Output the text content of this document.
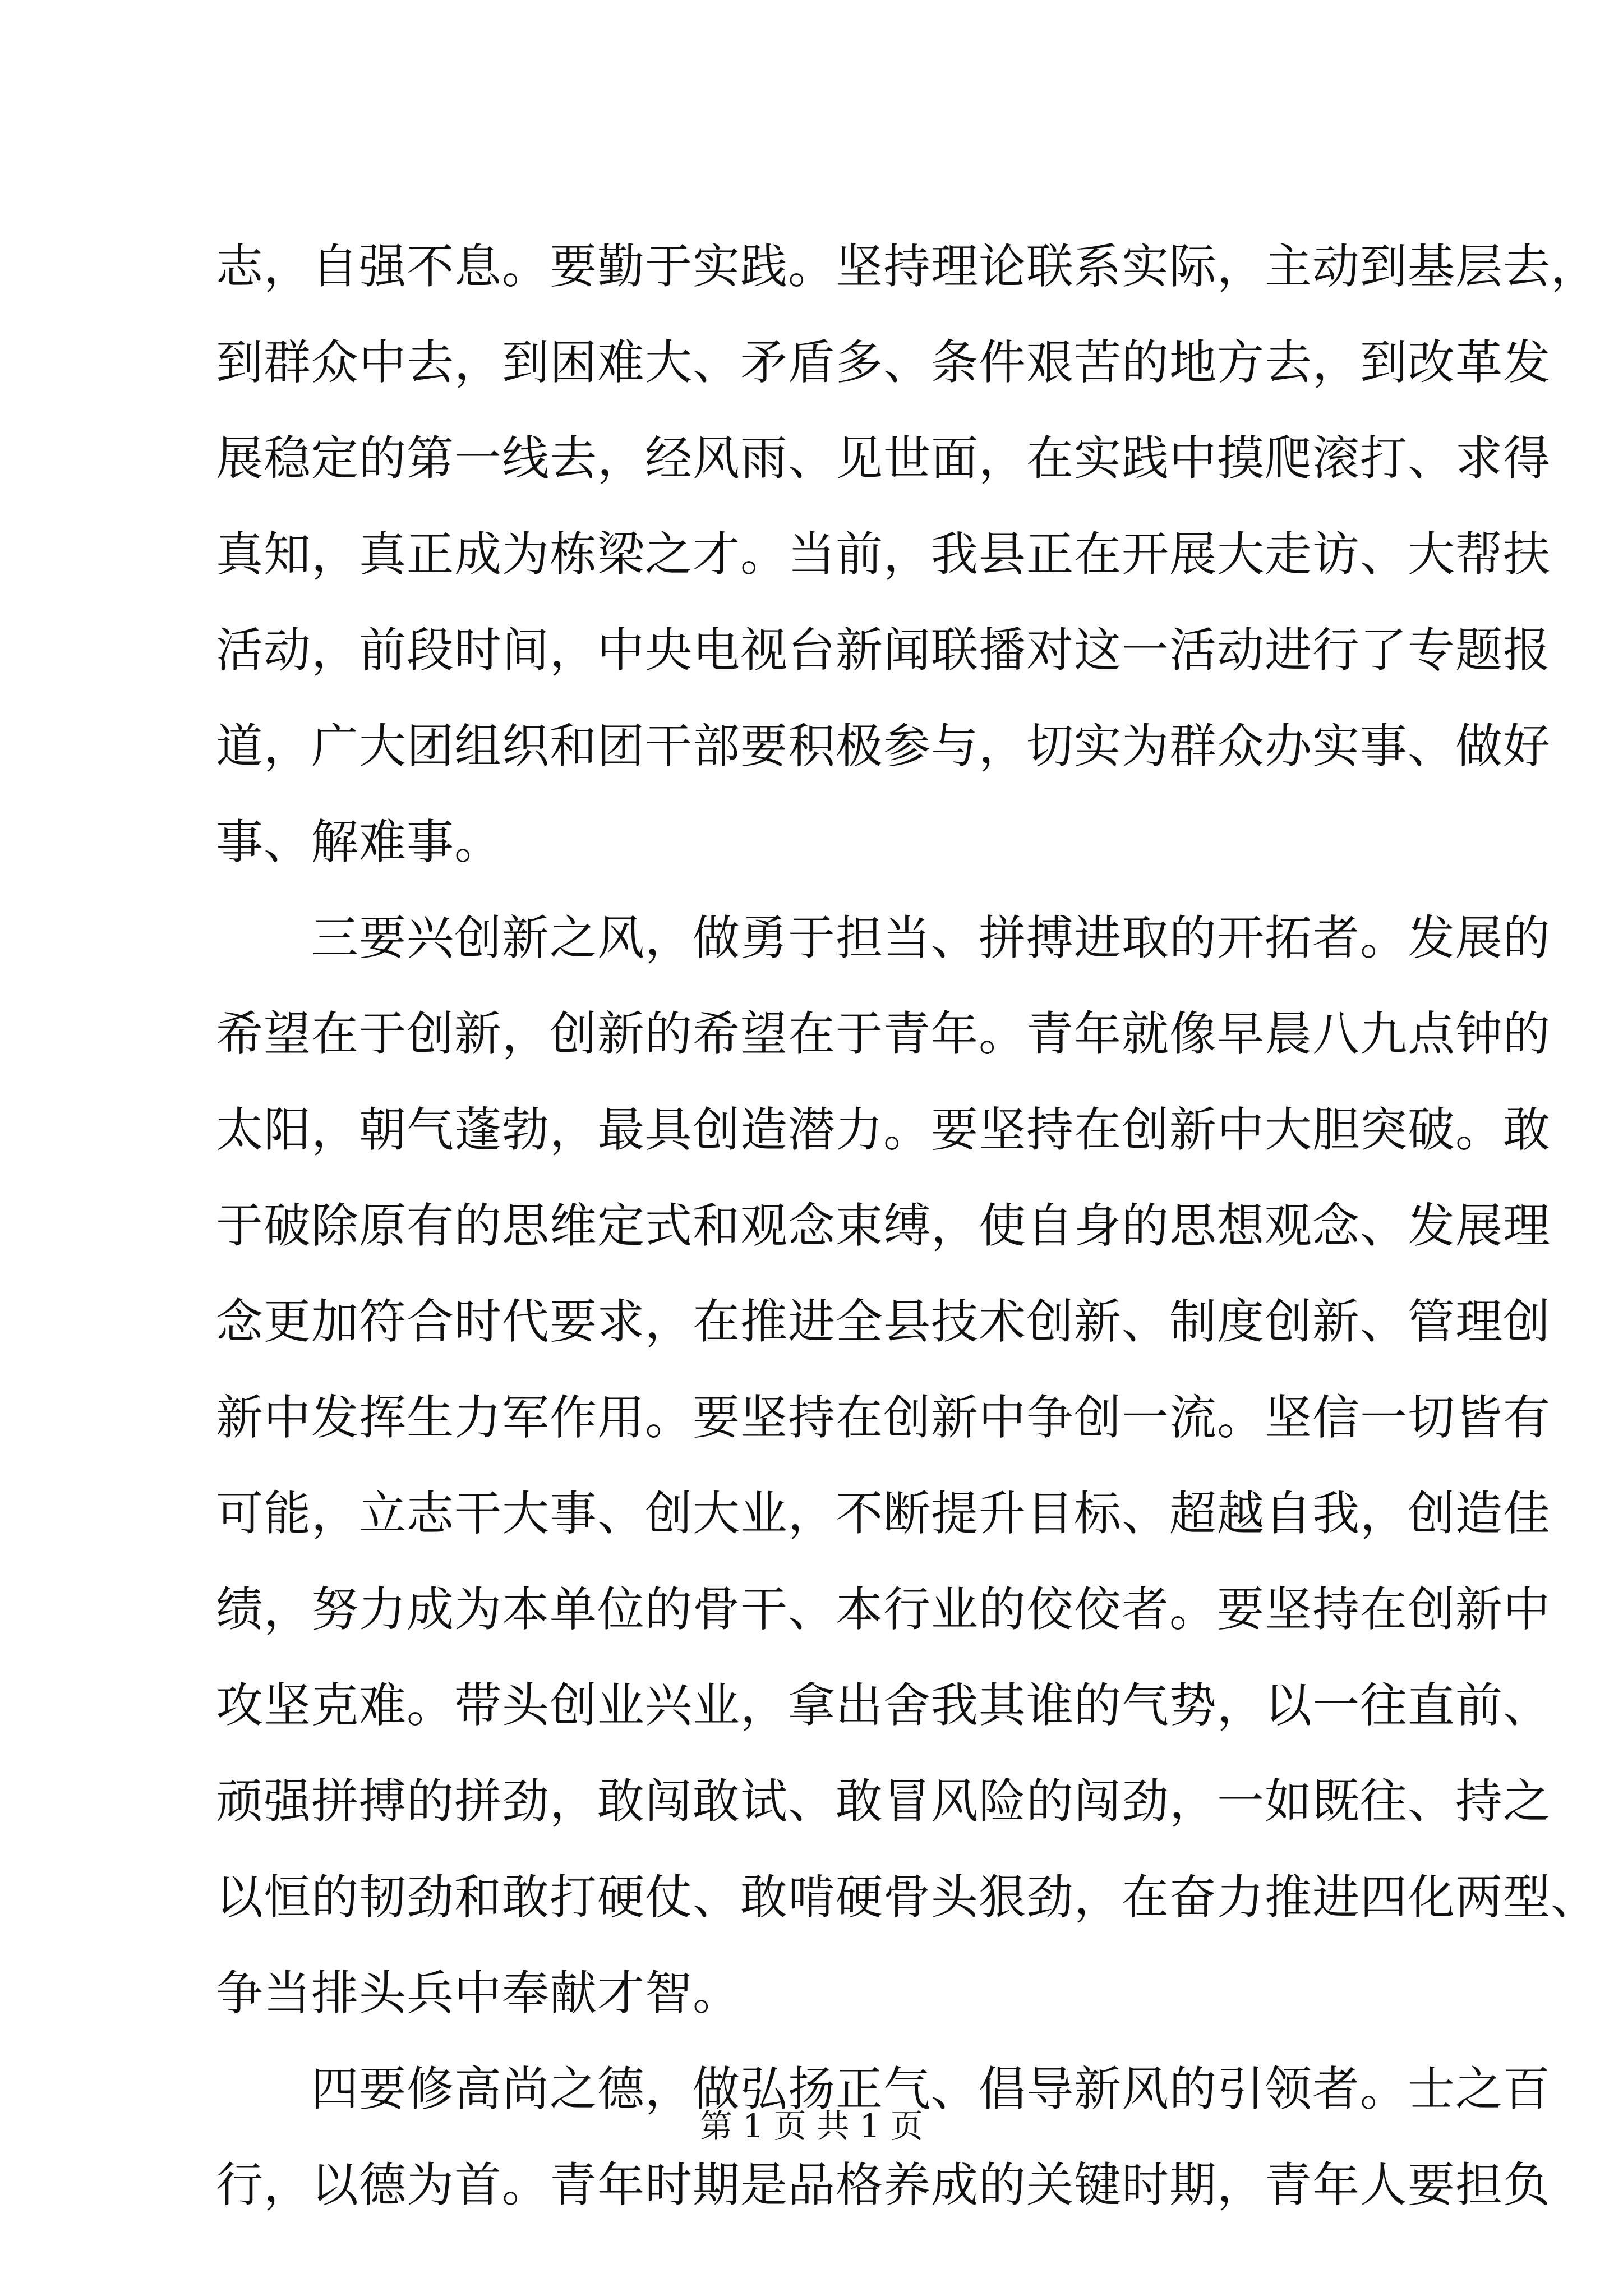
志，自强不息。要勤于实践。坚持理论联系实际，主动到基层去，
到群众中去，到困难大、矛盾多、条件艰苦的地方去，到改革发
展稳定的第一线去，经风雨、见世面，在实践中摸爬滚打、求得
真知，真正成为栋梁之才。当前，我县正在开展大走访、大帮扶
活动，前段时间，中央电视台新闻联播对这一活动进行了专题报
道，广大团组织和团干部要积极参与，切实为群众办实事、做好
事、解难事。
　　三要兴创新之风，做勇于担当、拼搏进取的开拓者。发展的
希望在于创新，创新的希望在于青年。青年就像早晨八九点钟的
太阳，朝气蓬勃，最具创造潜力。要坚持在创新中大胆突破。敢
于破除原有的思维定式和观念束缚，使自身的思想观念、发展理
念更加符合时代要求，在推进全县技术创新、制度创新、管理创
新中发挥生力军作用。要坚持在创新中争创一流。坚信一切皆有
可能，立志干大事、创大业，不断提升目标、超越自我，创造佳
绩，努力成为本单位的骨干、本行业的佼佼者。要坚持在创新中
攻坚克难。带头创业兴业，拿出舍我其谁的气势，以一往直前、
顽强拼搏的拼劲，敢闯敢试、敢冒风险的闯劲，一如既往、持之
以恒的韧劲和敢打硬仗、敢啃硬骨头狠劲，在奋力推进四化两型、
争当排头兵中奉献才智。
　　四要修高尚之德，做弘扬正气、倡导新风的引领者。士之百
行，以德为首。青年时期是品格养成的关键时期，青年人要担负
第 1 页 共 1 页
